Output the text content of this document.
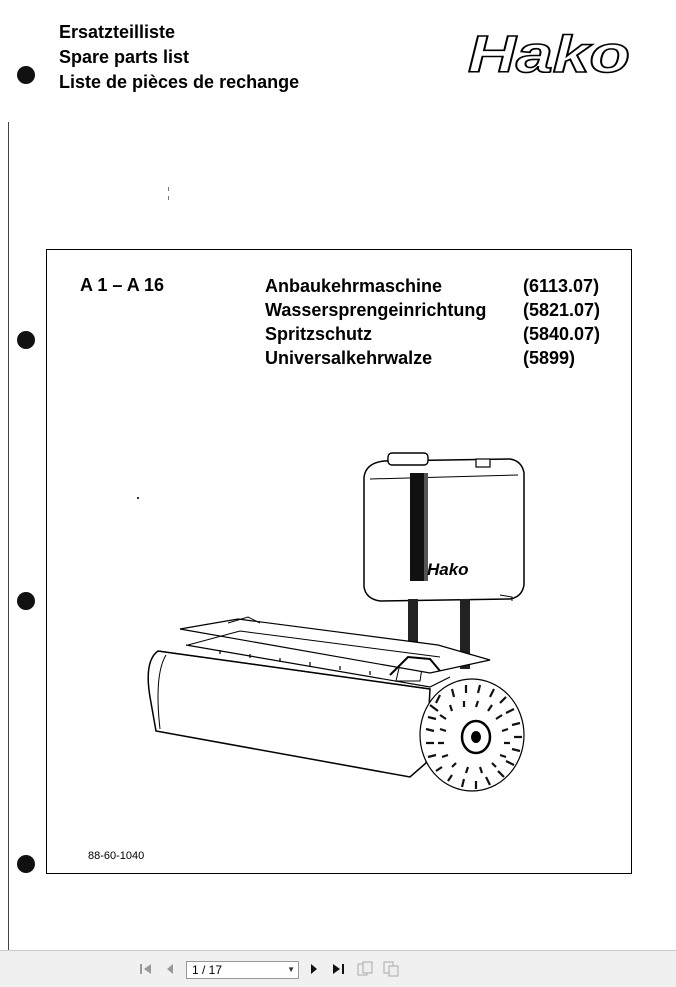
Ersatzteilliste
Spare parts list
Liste de pièces de rechange	Hako
A 1 – A 16	Anbaukehrmaschine	(6113.07)
Wassersprengeinrichtung (5821.07)
Spritzschutz	(5840.07)
Universalkehrwalze	(5899)
Hako
88-60-1040
1 / 17	▼
